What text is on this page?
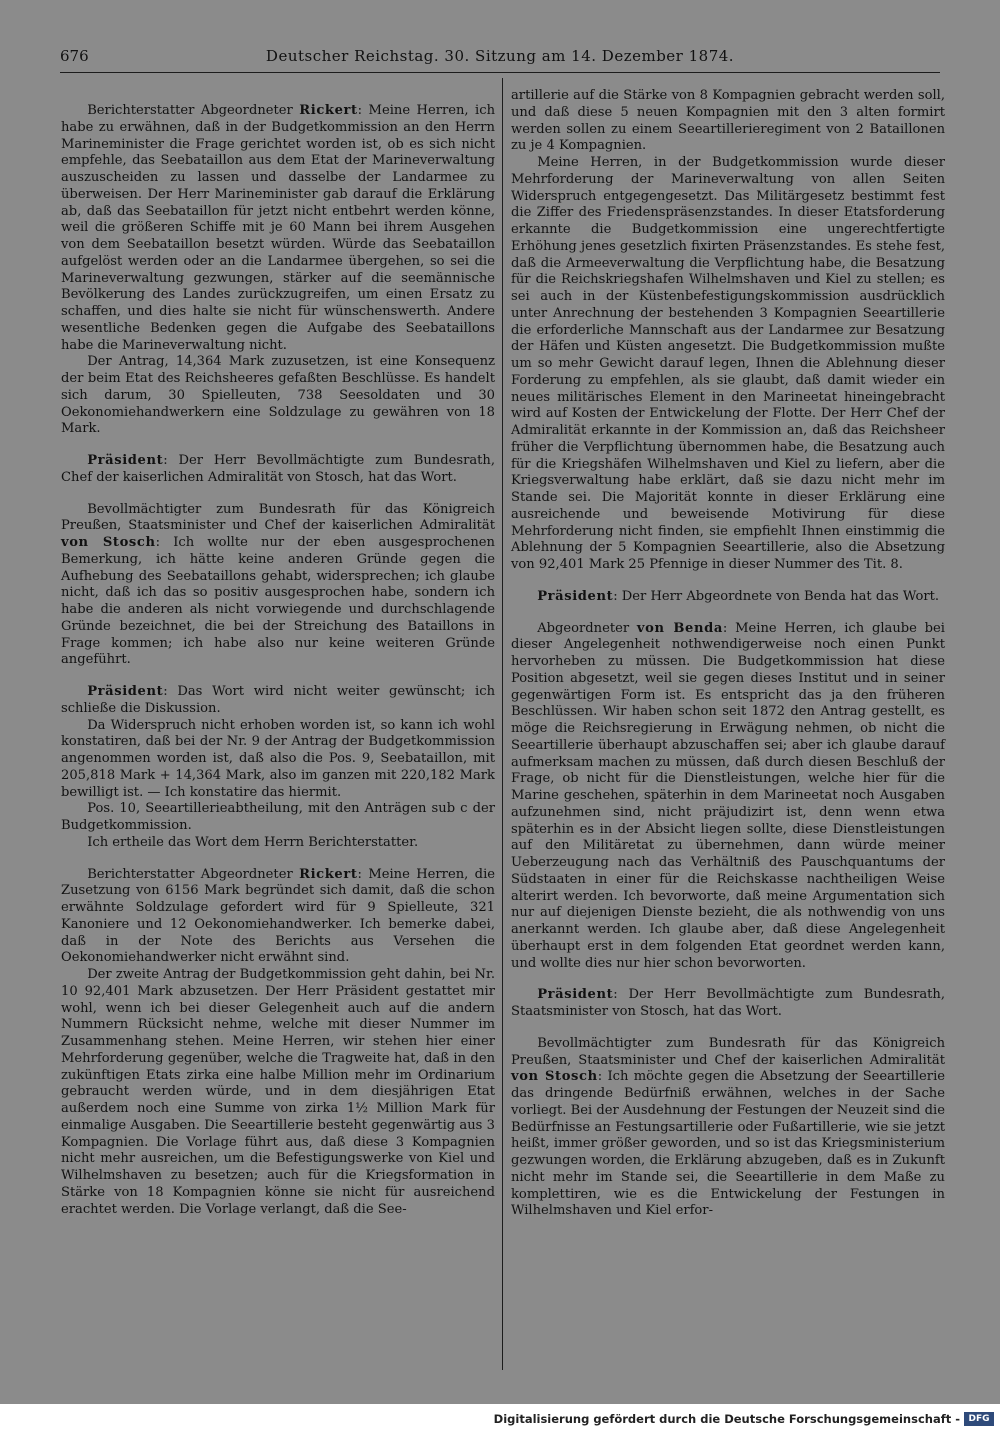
676	Deutscher Reichstag. 30. Sitzung am 14. Dezember 1874.

Berichterstatter Abgeordneter Rickert: Meine Herren, ich habe zu erwähnen, daß in der Budgetkommission an den Herrn Marineminister die Frage gerichtet worden ist, ob es sich nicht empfehle, das Seebataillon aus dem Etat der Marineverwaltung auszuscheiden zu lassen und dasselbe der Landarmee zu überweisen. Der Herr Marineminister gab darauf die Erklärung ab, daß das Seebataillon für jetzt nicht entbehrt werden könne, weil die größeren Schiffe mit je 60 Mann bei ihrem Ausgehen von dem Seebataillon besetzt würden. Würde das Seebataillon aufgelöst werden oder an die Landarmee übergehen, so sei die Marineverwaltung gezwungen, stärker auf die seemännische Bevölkerung des Landes zurückzugreifen, um einen Ersatz zu schaffen, und dies halte sie nicht für wünschenswerth. Andere wesentliche Bedenken gegen die Aufgabe des Seebataillons habe die Marineverwaltung nicht.

Der Antrag, 14,364 Mark zuzusetzen, ist eine Konsequenz der beim Etat des Reichsheeres gefaßten Beschlüsse. Es handelt sich darum, 30 Spielleuten, 738 Seesoldaten und 30 Oekonomiehandwerkern eine Soldzulage zu gewähren von 18 Mark.

Präsident: Der Herr Bevollmächtigte zum Bundesrath, Chef der kaiserlichen Admiralität von Stosch, hat das Wort.

Bevollmächtigter zum Bundesrath für das Königreich Preußen, Staatsminister und Chef der kaiserlichen Admiralität von Stosch: Ich wollte nur der eben ausgesprochenen Bemerkung, ich hätte keine anderen Gründe gegen die Aufhebung des Seebataillons gehabt, widersprechen; ich glaube nicht, daß ich das so positiv ausgesprochen habe, sondern ich habe die anderen als nicht vorwiegende und durchschlagende Gründe bezeichnet, die bei der Streichung des Bataillons in Frage kommen; ich habe also nur keine weiteren Gründe angeführt.

Präsident: Das Wort wird nicht weiter gewünscht; ich schließe die Diskussion.

Da Widerspruch nicht erhoben worden ist, so kann ich wohl konstatiren, daß bei der Nr. 9 der Antrag der Budgetkommission angenommen worden ist, daß also die Pos. 9, Seebataillon, mit 205,818 Mark + 14,364 Mark, also im ganzen mit 220,182 Mark bewilligt ist. — Ich konstatire das hiermit.

Pos. 10, Seeartillerieabtheilung, mit den Anträgen sub c der Budgetkommission.

Ich ertheile das Wort dem Herrn Berichterstatter.

Berichterstatter Abgeordneter Rickert: Meine Herren, die Zusetzung von 6156 Mark begründet sich damit, daß die schon erwähnte Soldzulage gefordert wird für 9 Spielleute, 321 Kanoniere und 12 Oekonomiehandwerker. Ich bemerke dabei, daß in der Note des Berichts aus Versehen die Oekonomiehandwerker nicht erwähnt sind.

Der zweite Antrag der Budgetkommission geht dahin, bei Nr. 10 92,401 Mark abzusetzen. Der Herr Präsident gestattet mir wohl, wenn ich bei dieser Gelegenheit auch auf die andern Nummern Rücksicht nehme, welche mit dieser Nummer im Zusammenhang stehen. Meine Herren, wir stehen hier einer Mehrforderung gegenüber, welche die Tragweite hat, daß in den zukünftigen Etats zirka eine halbe Million mehr im Ordinarium gebraucht werden würde, und in dem diesjährigen Etat außerdem noch eine Summe von zirka 1½ Million Mark für einmalige Ausgaben. Die Seeartillerie besteht gegenwärtig aus 3 Kompagnien. Die Vorlage führt aus, daß diese 3 Kompagnien nicht mehr ausreichen, um die Befestigungswerke von Kiel und Wilhelmshaven zu besetzen; auch für die Kriegsformation in Stärke von 18 Kompagnien könne sie nicht für ausreichend erachtet werden. Die Vorlage verlangt, daß die See-

artillerie auf die Stärke von 8 Kompagnien gebracht werden soll, und daß diese 5 neuen Kompagnien mit den 3 alten formirt werden sollen zu einem Seeartillerieregiment von 2 Bataillonen zu je 4 Kompagnien.

Meine Herren, in der Budgetkommission wurde dieser Mehrforderung der Marineverwaltung von allen Seiten Widerspruch entgegengesetzt. Das Militärgesetz bestimmt fest die Ziffer des Friedenspräsenzstandes. In dieser Etatsforderung erkannte die Budgetkommission eine ungerechtfertigte Erhöhung jenes gesetzlich fixirten Präsenzstandes. Es stehe fest, daß die Armeeverwaltung die Verpflichtung habe, die Besatzung für die Reichskriegshafen Wilhelmshaven und Kiel zu stellen; es sei auch in der Küstenbefestigungskommission ausdrücklich unter Anrechnung der bestehenden 3 Kompagnien Seeartillerie die erforderliche Mannschaft aus der Landarmee zur Besatzung der Häfen und Küsten angesetzt. Die Budgetkommission mußte um so mehr Gewicht darauf legen, Ihnen die Ablehnung dieser Forderung zu empfehlen, als sie glaubt, daß damit wieder ein neues militärisches Element in den Marineetat hineingebracht wird auf Kosten der Entwickelung der Flotte. Der Herr Chef der Admiralität erkannte in der Kommission an, daß das Reichsheer früher die Verpflichtung übernommen habe, die Besatzung auch für die Kriegshäfen Wilhelmshaven und Kiel zu liefern, aber die Kriegsverwaltung habe erklärt, daß sie dazu nicht mehr im Stande sei. Die Majorität konnte in dieser Erklärung eine ausreichende und beweisende Motivirung für diese Mehrforderung nicht finden, sie empfiehlt Ihnen einstimmig die Ablehnung der 5 Kompagnien Seeartillerie, also die Absetzung von 92,401 Mark 25 Pfennige in dieser Nummer des Tit. 8.

Präsident: Der Herr Abgeordnete von Benda hat das Wort.

Abgeordneter von Benda: Meine Herren, ich glaube bei dieser Angelegenheit nothwendigerweise noch einen Punkt hervorheben zu müssen. Die Budgetkommission hat diese Position abgesetzt, weil sie gegen dieses Institut und in seiner gegenwärtigen Form ist. Es entspricht das ja den früheren Beschlüssen. Wir haben schon seit 1872 den Antrag gestellt, es möge die Reichsregierung in Erwägung nehmen, ob nicht die Seeartillerie überhaupt abzuschaffen sei; aber ich glaube darauf aufmerksam machen zu müssen, daß durch diesen Beschluß der Frage, ob nicht für die Dienstleistungen, welche hier für die Marine geschehen, späterhin in dem Marineetat noch Ausgaben aufzunehmen sind, nicht präjudizirt ist, denn wenn etwa späterhin es in der Absicht liegen sollte, diese Dienstleistungen auf den Militäretat zu übernehmen, dann würde meiner Ueberzeugung nach das Verhältniß des Pauschquantums der Südstaaten in einer für die Reichskasse nachtheiligen Weise alterirt werden. Ich bevorworte, daß meine Argumentation sich nur auf diejenigen Dienste bezieht, die als nothwendig von uns anerkannt werden. Ich glaube aber, daß diese Angelegenheit überhaupt erst in dem folgenden Etat geordnet werden kann, und wollte dies nur hier schon bevorworten.

Präsident: Der Herr Bevollmächtigte zum Bundesrath, Staatsminister von Stosch, hat das Wort.

Bevollmächtigter zum Bundesrath für das Königreich Preußen, Staatsminister und Chef der kaiserlichen Admiralität von Stosch: Ich möchte gegen die Absetzung der Seeartillerie das dringende Bedürfniß erwähnen, welches in der Sache vorliegt. Bei der Ausdehnung der Festungen der Neuzeit sind die Bedürfnisse an Festungsartillerie oder Fußartillerie, wie sie jetzt heißt, immer größer geworden, und so ist das Kriegsministerium gezwungen worden, die Erklärung abzugeben, daß es in Zukunft nicht mehr im Stande sei, die Seeartillerie in dem Maße zu komplettiren, wie es die Entwickelung der Festungen in Wilhelmshaven und Kiel erfor-

Digitalisierung gefördert durch die Deutsche Forschungsgemeinschaft - DFG
